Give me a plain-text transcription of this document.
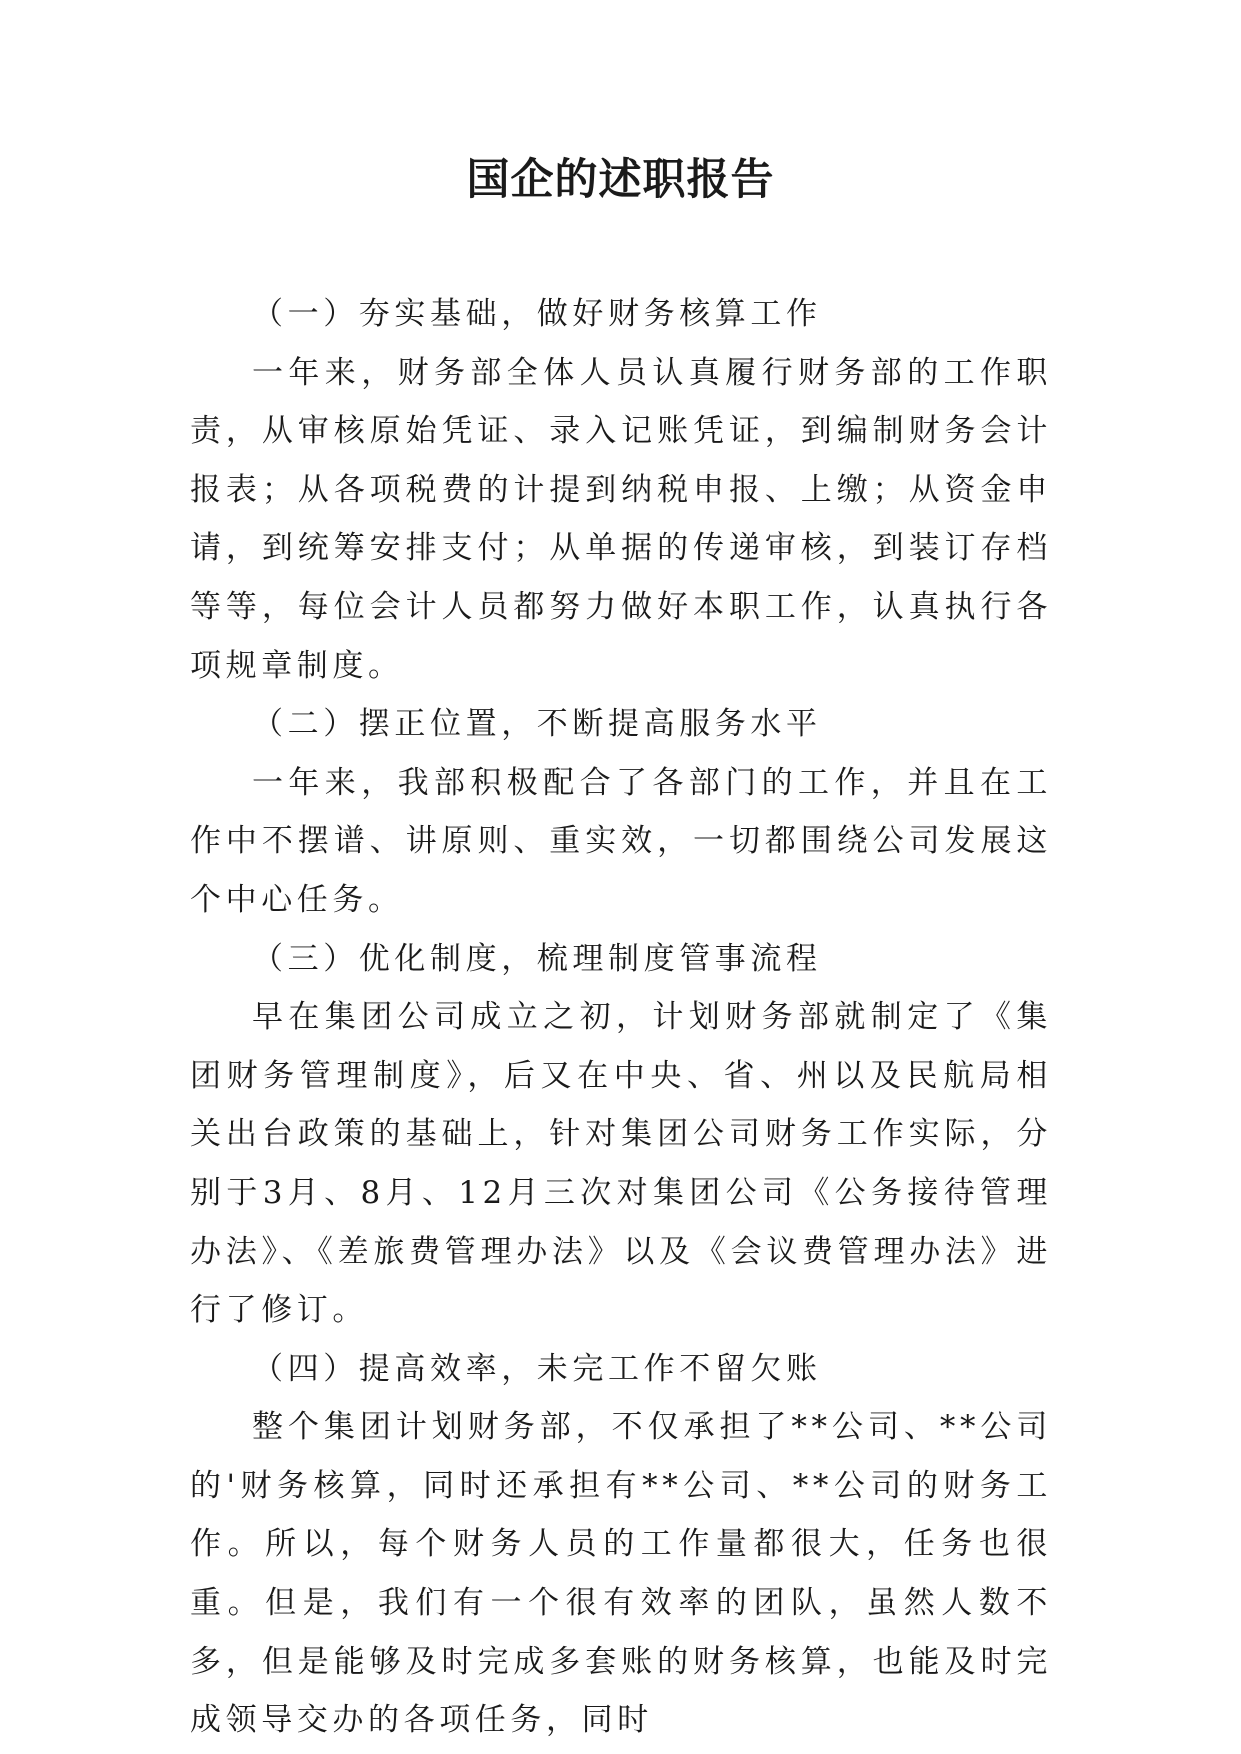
国企的述职报告

（一）夯实基础，做好财务核算工作

一年来，财务部全体人员认真履行财务部的工作职责，从审核原始凭证、录入记账凭证，到编制财务会计报表；从各项税费的计提到纳税申报、上缴；从资金申请，到统筹安排支付；从单据的传递审核，到装订存档等等，每位会计人员都努力做好本职工作，认真执行各项规章制度。

（二）摆正位置，不断提高服务水平

一年来，我部积极配合了各部门的工作，并且在工作中不摆谱、讲原则、重实效，一切都围绕公司发展这个中心任务。

（三）优化制度，梳理制度管事流程

早在集团公司成立之初，计划财务部就制定了《集团财务管理制度》，后又在中央、省、州以及民航局相关出台政策的基础上，针对集团公司财务工作实际，分别于3月、8月、12月三次对集团公司《公务接待管理办法》、《差旅费管理办法》以及《会议费管理办法》进行了修订。

（四）提高效率，未完工作不留欠账

整个集团计划财务部，不仅承担了**公司、**公司的'财务核算，同时还承担有**公司、**公司的财务工作。所以，每个财务人员的工作量都很大，任务也很重。但是，我们有一个很有效率的团队，虽然人数不多，但是能够及时完成多套账的财务核算，也能及时完成领导交办的各项任务，同时
